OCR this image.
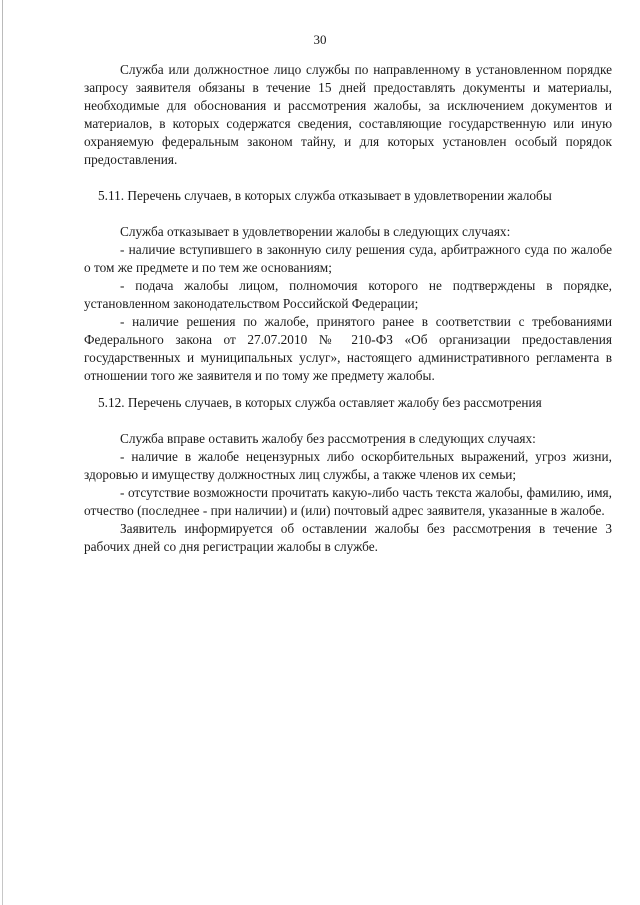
30

Служба или должностное лицо службы по направленному в установленном порядке запросу заявителя обязаны в течение 15 дней предоставлять документы и материалы, необходимые для обоснования и рассмотрения жалобы, за исключением документов и материалов, в которых содержатся сведения, составляющие государственную или иную охраняемую федеральным законом тайну, и для которых установлен особый порядок предоставления.

5.11. Перечень случаев, в которых служба отказывает в удовлетворении жалобы

Служба отказывает в удовлетворении жалобы в следующих случаях:

- наличие вступившего в законную силу решения суда, арбитражного суда по жалобе о том же предмете и по тем же основаниям;

- подача жалобы лицом, полномочия которого не подтверждены в порядке, установленном законодательством Российской Федерации;

- наличие решения по жалобе, принятого ранее в соответствии с требованиями Федерального закона от 27.07.2010 № 210-ФЗ «Об организации предоставления государственных и муниципальных услуг», настоящего административного регламента в отношении того же заявителя и по тому же предмету жалобы.

5.12. Перечень случаев, в которых служба оставляет жалобу без рассмотрения

Служба вправе оставить жалобу без рассмотрения в следующих случаях:

- наличие в жалобе нецензурных либо оскорбительных выражений, угроз жизни, здоровью и имуществу должностных лиц службы, а также членов их семьи;

- отсутствие возможности прочитать какую-либо часть текста жалобы, фамилию, имя, отчество (последнее - при наличии) и (или) почтовый адрес заявителя, указанные в жалобе.

Заявитель информируется об оставлении жалобы без рассмотрения в течение 3 рабочих дней со дня регистрации жалобы в службе.
